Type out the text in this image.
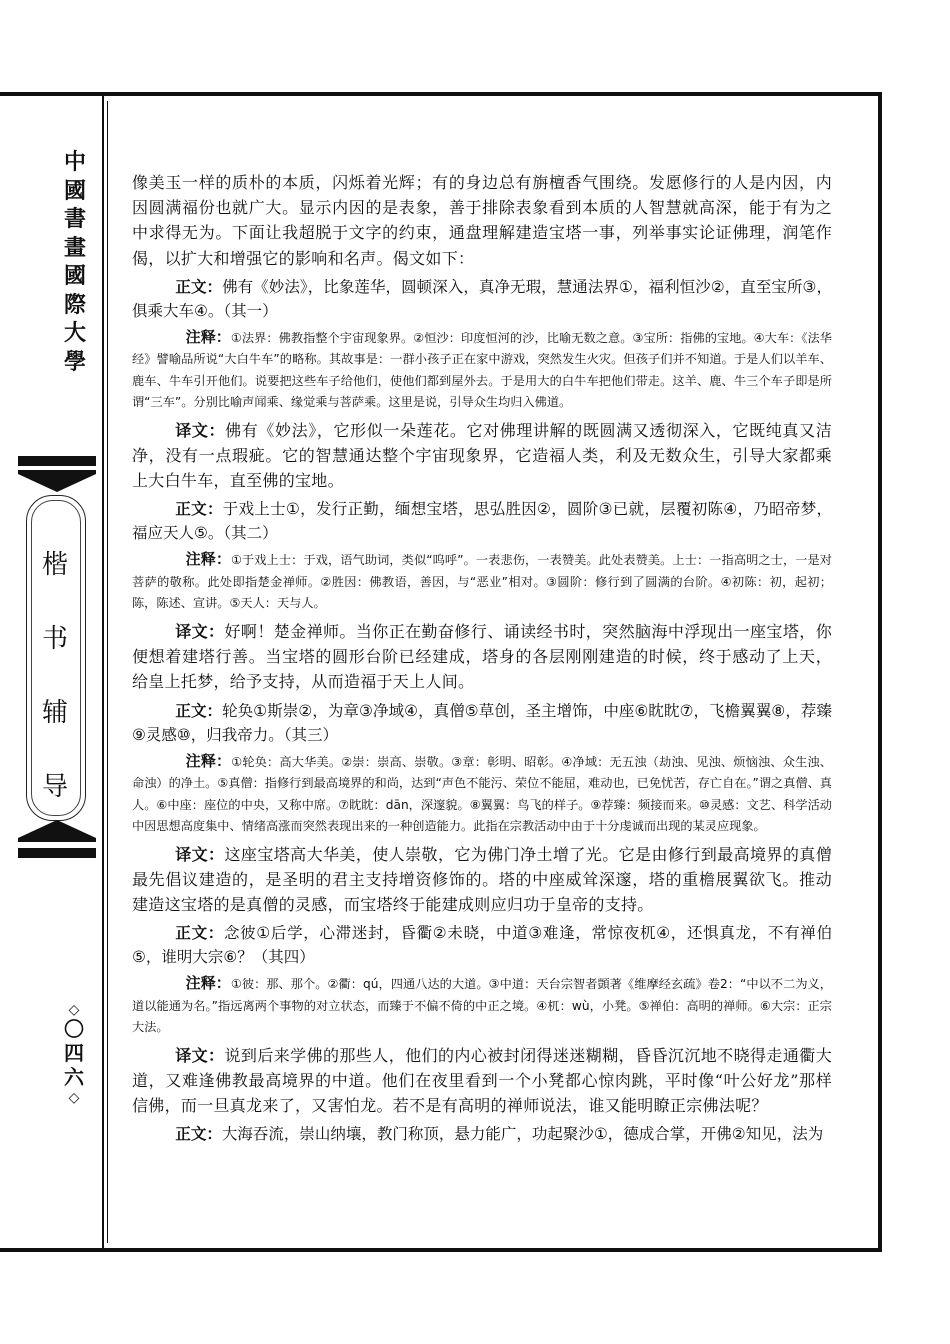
中
國
書
畫
國
際
大
學
楷
书
辅
导
◇
〇
四
六
◇

像美玉一样的质朴的本质，闪烁着光辉；有的身边总有旃檀香气围绕。发愿修行的人是内因，内因圆满福份也就广大。显示内因的是表象，善于排除表象看到本质的人智慧就高深，能于有为之中求得无为。下面让我超脱于文字的约束，通盘理解建造宝塔一事，列举事实论证佛理，润笔作偈，以扩大和增强它的影响和名声。偈文如下：

正文：佛有《妙法》，比象莲华，圆顿深入，真净无瑕，慧通法界①，福利恒沙②，直至宝所③，俱乘大车④。（其一）

注释：①法界：佛教指整个宇宙现象界。②恒沙：印度恒河的沙，比喻无数之意。③宝所：指佛的宝地。④大车：《法华经》譬喻品所说“大白牛车”的略称。其故事是：一群小孩子正在家中游戏，突然发生火灾。但孩子们并不知道。于是人们以羊车、鹿车、牛车引开他们。说要把这些车子给他们，使他们都到屋外去。于是用大的白牛车把他们带走。这羊、鹿、牛三个车子即是所谓“三车”。分别比喻声闻乘、缘觉乘与菩萨乘。这里是说，引导众生均归入佛道。

译文：佛有《妙法》，它形似一朵莲花。它对佛理讲解的既圆满又透彻深入，它既纯真又洁净，没有一点瑕疵。它的智慧通达整个宇宙现象界，它造福人类，利及无数众生，引导大家都乘上大白牛车，直至佛的宝地。

正文：于戏上士①，发行正勤，缅想宝塔，思弘胜因②，圆阶③已就，层覆初陈④，乃昭帝梦，福应天人⑤。（其二）

注释：①于戏上士：于戏，语气助词，类似“呜呼”。一表悲伤，一表赞美。此处表赞美。上士：一指高明之士，一是对菩萨的敬称。此处即指楚金禅师。②胜因：佛教语，善因，与“恶业”相对。③圆阶：修行到了圆满的台阶。④初陈：初，起初；陈，陈述、宣讲。⑤天人：天与人。

译文：好啊！楚金禅师。当你正在勤奋修行、诵读经书时，突然脑海中浮现出一座宝塔，你便想着建塔行善。当宝塔的圆形台阶已经建成，塔身的各层刚刚建造的时候，终于感动了上天，给皇上托梦，给予支持，从而造福于天上人间。

正文：轮奂①斯崇②，为章③净域④，真僧⑤草创，圣主增饰，中座⑥眈眈⑦，飞檐翼翼⑧，荐臻⑨灵感⑩，归我帝力。（其三）

注释：①轮奂：高大华美。②崇：崇高、崇敬。③章：彰明、昭彰。④净域：无五浊（劫浊、见浊、烦恼浊、众生浊、命浊）的净土。⑤真僧：指修行到最高境界的和尚，达到“声色不能污、荣位不能屈，难动也，已免忧苦，存亡自在。”谓之真僧、真人。⑥中座：座位的中央，又称中席。⑦眈眈：dān，深邃貌。⑧翼翼：鸟飞的样子。⑨荐臻：频接而来。⑩灵感：文艺、科学活动中因思想高度集中、情绪高涨而突然表现出来的一种创造能力。此指在宗教活动中由于十分虔诚而出现的某灵应现象。

译文：这座宝塔高大华美，使人崇敬，它为佛门净土增了光。它是由修行到最高境界的真僧最先倡议建造的，是圣明的君主支持增资修饰的。塔的中座威耸深邃，塔的重檐展翼欲飞。推动建造这宝塔的是真僧的灵感，而宝塔终于能建成则应归功于皇帝的支持。

正文：念彼①后学，心滞迷封，昏衢②未晓，中道③难逢，常惊夜杌④，还惧真龙，不有禅伯⑤，谁明大宗⑥？（其四）

注释：①彼：那、那个。②衢：qú，四通八达的大道。③中道：天台宗智者顗著《维摩经玄疏》卷2：“中以不二为义，道以能通为名。”指远离两个事物的对立状态，而臻于不偏不倚的中正之境。④杌：wù，小凳。⑤禅伯：高明的禅师。⑥大宗：正宗大法。

译文：说到后来学佛的那些人，他们的内心被封闭得迷迷糊糊，昏昏沉沉地不晓得走通衢大道，又难逢佛教最高境界的中道。他们在夜里看到一个小凳都心惊肉跳，平时像“叶公好龙”那样信佛，而一旦真龙来了，又害怕龙。若不是有高明的禅师说法，谁又能明瞭正宗佛法呢？

正文：大海吞流，崇山纳壤，教门称顶，悬力能广，功起聚沙①，德成合掌，开佛②知见，法为
